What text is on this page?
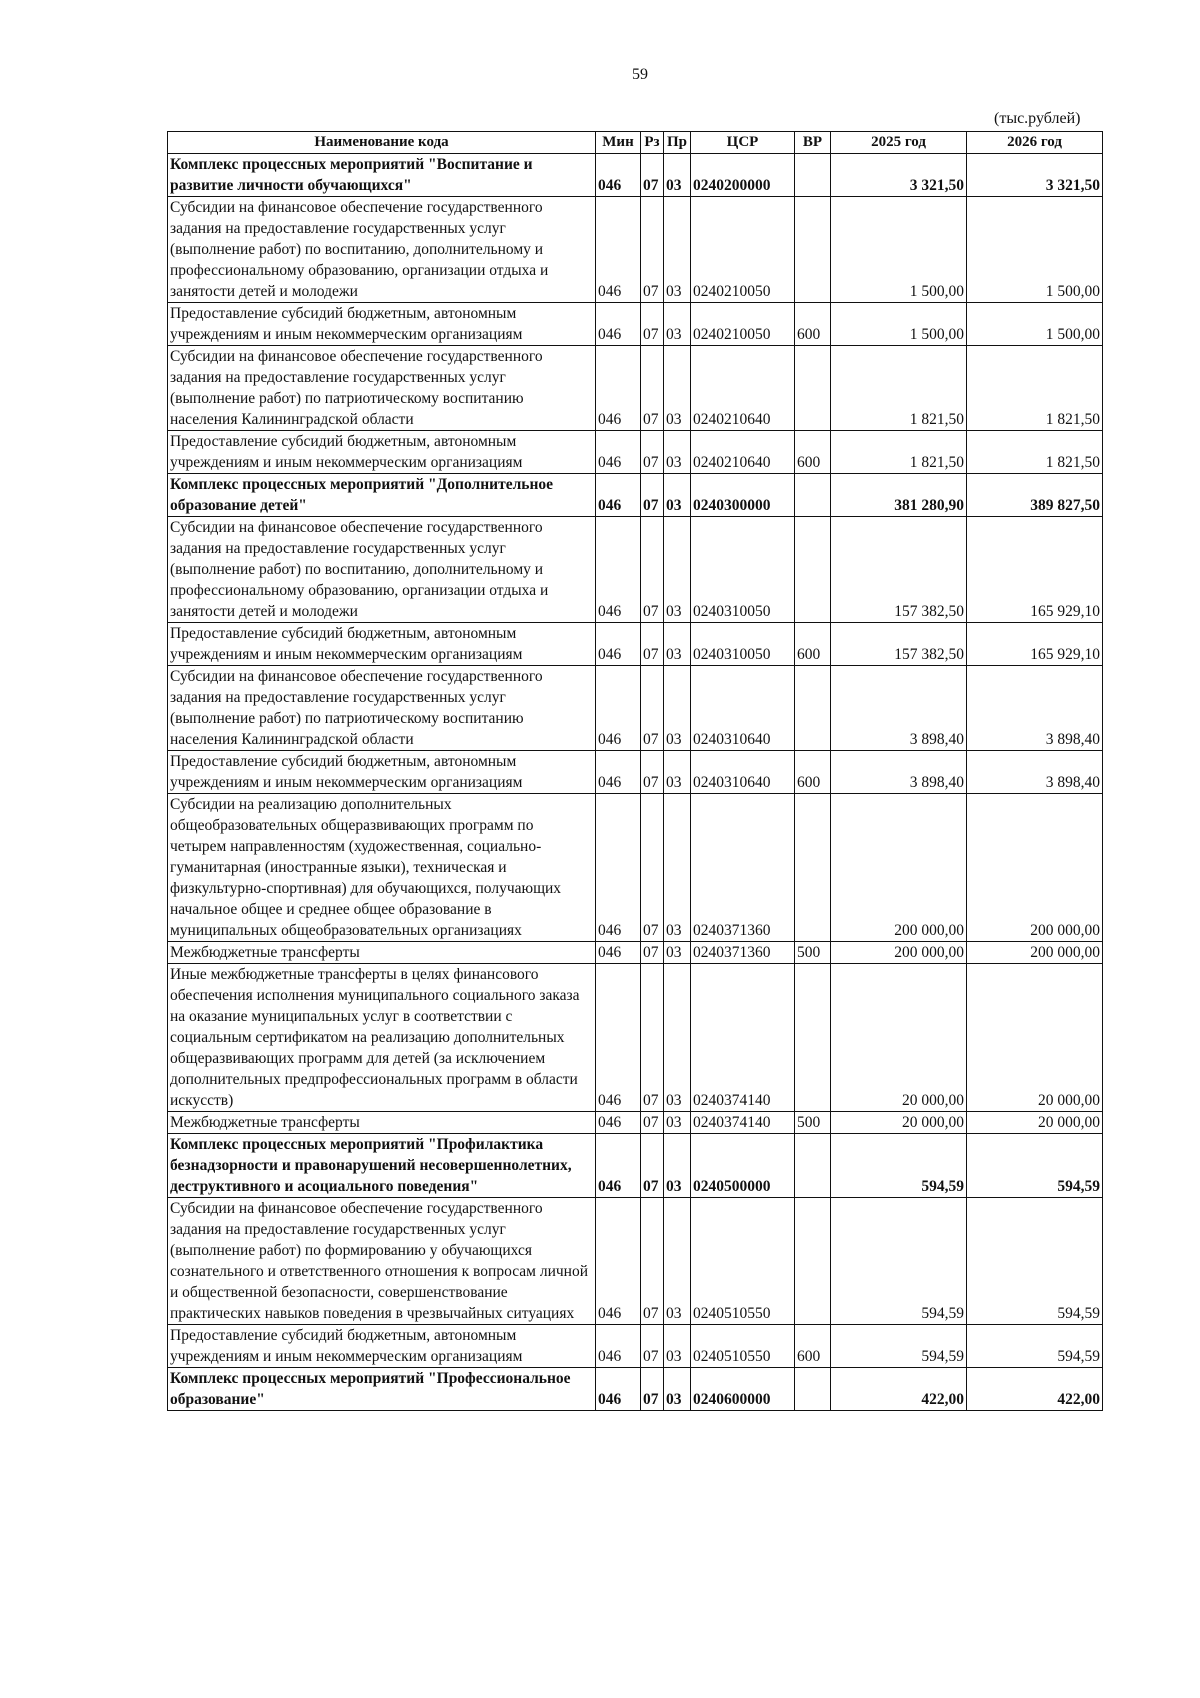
59
(тыс.рублей)
Наименование кода	Мин	Рз	Пр	ЦСР	ВР	2025 год	2026 год
Комплекс процессных мероприятий "Воспитание и развитие личности обучающихся"	046	07	03	0240200000		3 321,50	3 321,50
Субсидии на финансовое обеспечение государственного задания на предоставление государственных услуг (выполнение работ) по воспитанию, дополнительному и профессиональному образованию, организации отдыха и занятости детей и молодежи	046	07	03	0240210050		1 500,00	1 500,00
Предоставление субсидий бюджетным, автономным учреждениям и иным некоммерческим организациям	046	07	03	0240210050	600	1 500,00	1 500,00
Субсидии на финансовое обеспечение государственного задания на предоставление государственных услуг (выполнение работ) по патриотическому воспитанию населения Калининградской области	046	07	03	0240210640		1 821,50	1 821,50
Предоставление субсидий бюджетным, автономным учреждениям и иным некоммерческим организациям	046	07	03	0240210640	600	1 821,50	1 821,50
Комплекс процессных мероприятий "Дополнительное образование детей"	046	07	03	0240300000		381 280,90	389 827,50
Субсидии на финансовое обеспечение государственного задания на предоставление государственных услуг (выполнение работ) по воспитанию, дополнительному и профессиональному образованию, организации отдыха и занятости детей и молодежи	046	07	03	0240310050		157 382,50	165 929,10
Предоставление субсидий бюджетным, автономным учреждениям и иным некоммерческим организациям	046	07	03	0240310050	600	157 382,50	165 929,10
Субсидии на финансовое обеспечение государственного задания на предоставление государственных услуг (выполнение работ) по патриотическому воспитанию населения Калининградской области	046	07	03	0240310640		3 898,40	3 898,40
Предоставление субсидий бюджетным, автономным учреждениям и иным некоммерческим организациям	046	07	03	0240310640	600	3 898,40	3 898,40
Субсидии на реализацию дополнительных общеобразовательных общеразвивающих программ по четырем направленностям (художественная, социально-гуманитарная (иностранные языки), техническая и физкультурно-спортивная) для обучающихся, получающих начальное общее и среднее общее образование в муниципальных общеобразовательных организациях	046	07	03	0240371360		200 000,00	200 000,00
Межбюджетные трансферты	046	07	03	0240371360	500	200 000,00	200 000,00
Иные межбюджетные трансферты в целях финансового обеспечения исполнения муниципального социального заказа на оказание муниципальных услуг в соответствии с социальным сертификатом на реализацию дополнительных общеразвивающих программ для детей (за исключением дополнительных предпрофессиональных программ в области искусств)	046	07	03	0240374140		20 000,00	20 000,00
Межбюджетные трансферты	046	07	03	0240374140	500	20 000,00	20 000,00
Комплекс процессных мероприятий "Профилактика безнадзорности и правонарушений несовершеннолетних, деструктивного и асоциального поведения"	046	07	03	0240500000		594,59	594,59
Субсидии на финансовое обеспечение государственного задания на предоставление государственных услуг (выполнение работ) по формированию у обучающихся сознательного и ответственного отношения к вопросам личной и общественной безопасности, совершенствование практических навыков поведения в чрезвычайных ситуациях	046	07	03	0240510550		594,59	594,59
Предоставление субсидий бюджетным, автономным учреждениям и иным некоммерческим организациям	046	07	03	0240510550	600	594,59	594,59
Комплекс процессных мероприятий "Профессиональное образование"	046	07	03	0240600000		422,00	422,00
